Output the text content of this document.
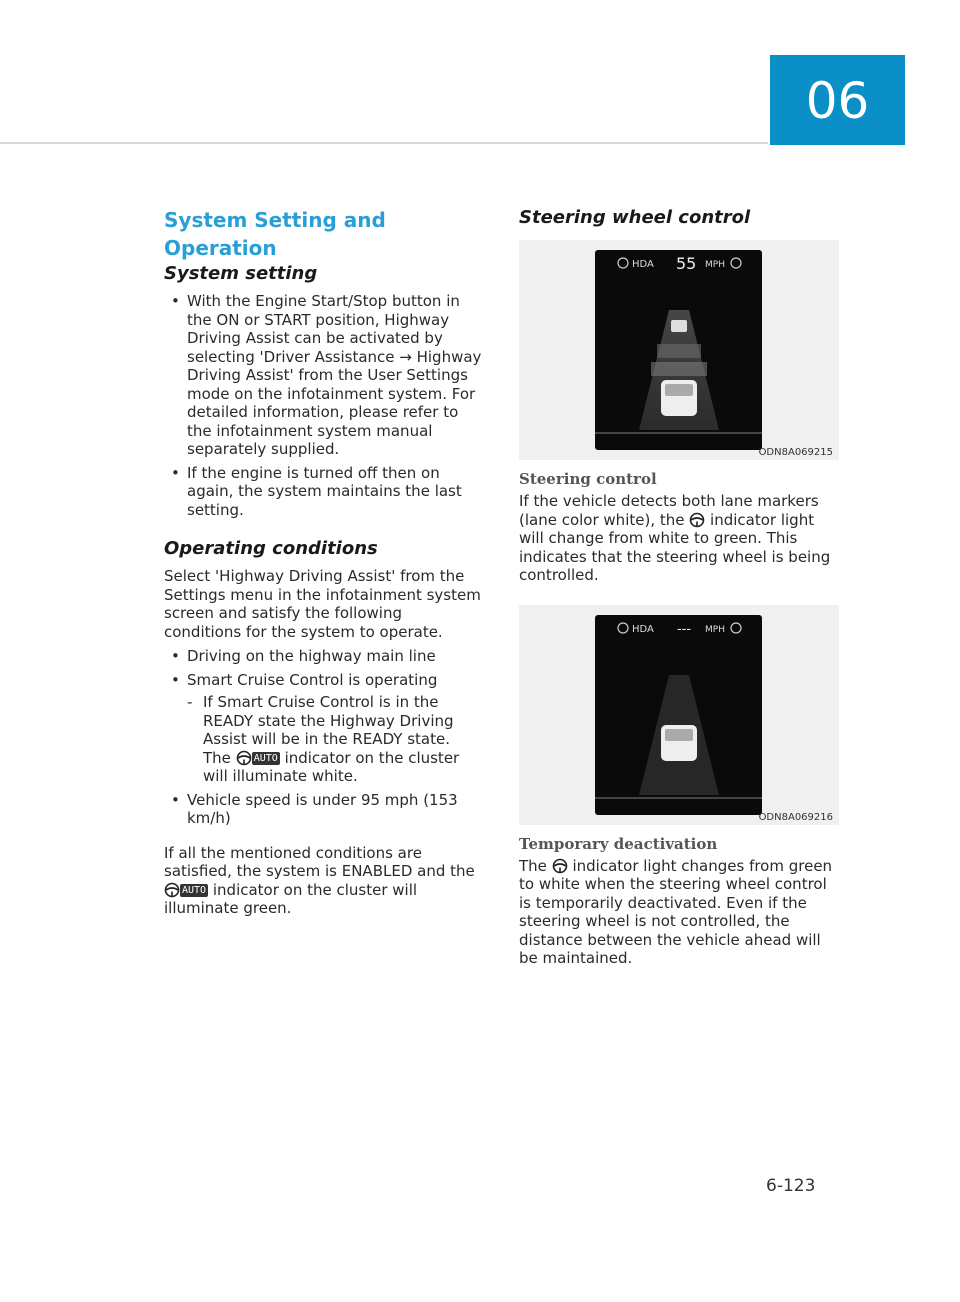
06
System Setting and Operation
System setting
• With the Engine Start/Stop button in the ON or START position, Highway Driving Assist can be activated by selecting 'Driver Assistance → Highway Driving Assist' from the User Settings mode on the infotainment system. For detailed information, please refer to the infotainment system manual separately supplied.
• If the engine is turned off then on again, the system maintains the last setting.
Operating conditions

Select 'Highway Driving Assist' from the Settings menu in the infotainment system screen and satisfy the following conditions for the system to operate.

• Driving on the highway main line
• Smart Cruise Control is operating
- If Smart Cruise Control is in the READY state the Highway Driving Assist will be in the READY state. The AUTO indicator on the cluster will illuminate white.
• Vehicle speed is under 95 mph (153 km/h)

If all the mentioned conditions are satisfied, the system is ENABLED and the AUTO indicator on the cluster will illuminate green.

Steering wheel control
HDA 55 MPH
ODN8A069215
Steering control

If the vehicle detects both lane markers (lane color white), the indicator light will change from white to green. This indicates that the steering wheel is being controlled.

HDA --- MPH
ODN8A069216
Temporary deactivation

The indicator light changes from green to white when the steering wheel control is temporarily deactivated. Even if the steering wheel is not controlled, the distance between the vehicle ahead will be maintained.

6-123
